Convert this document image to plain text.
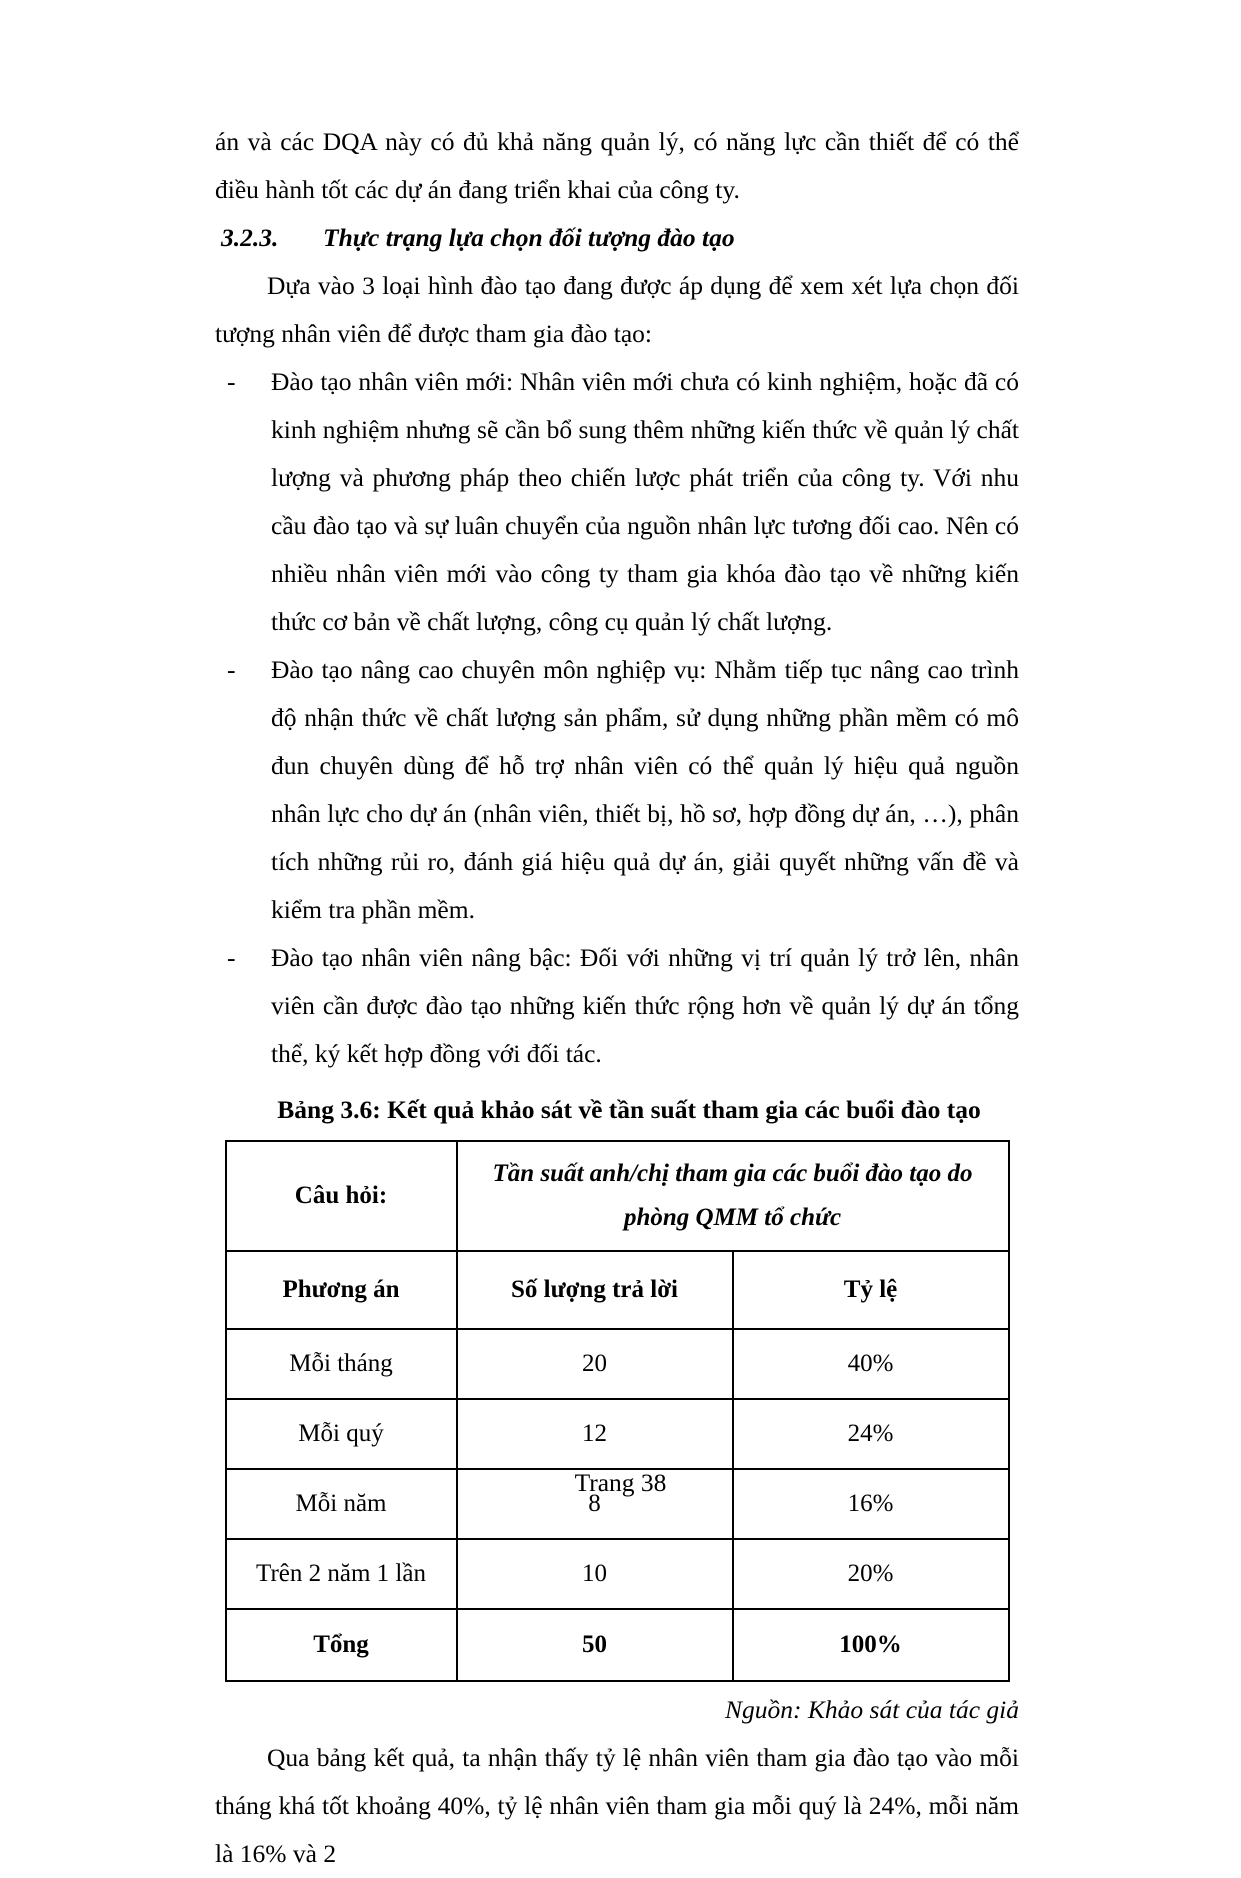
án và các DQA này có đủ khả năng quản lý, có năng lực cần thiết để có thể điều hành tốt các dự án đang triển khai của công ty.

3.2.3.	Thực trạng lựa chọn đối tượng đào tạo

Dựa vào 3 loại hình đào tạo đang được áp dụng để xem xét lựa chọn đối tượng nhân viên để được tham gia đào tạo:

-	Đào tạo nhân viên mới: Nhân viên mới chưa có kinh nghiệm, hoặc đã có kinh nghiệm nhưng sẽ cần bổ sung thêm những kiến thức về quản lý chất lượng và phương pháp theo chiến lược phát triển của công ty. Với nhu cầu đào tạo và sự luân chuyển của nguồn nhân lực tương đối cao. Nên có nhiều nhân viên mới vào công ty tham gia khóa đào tạo về những kiến thức cơ bản về chất lượng, công cụ quản lý chất lượng.
-	Đào tạo nâng cao chuyên môn nghiệp vụ: Nhằm tiếp tục nâng cao trình độ nhận thức về chất lượng sản phẩm, sử dụng những phần mềm có mô đun chuyên dùng để hỗ trợ nhân viên có thể quản lý hiệu quả nguồn nhân lực cho dự án (nhân viên, thiết bị, hồ sơ, hợp đồng dự án, …), phân tích những rủi ro, đánh giá hiệu quả dự án, giải quyết những vấn đề và kiểm tra phần mềm.
-	Đào tạo nhân viên nâng bậc: Đối với những vị trí quản lý trở lên, nhân viên cần được đào tạo những kiến thức rộng hơn về quản lý dự án tổng thể, ký kết hợp đồng với đối tác.
Bảng 3.6: Kết quả khảo sát về tần suất tham gia các buổi đào tạo
Câu hỏi:	Tần suất anh/chị tham gia các buổi đào tạo do phòng QMM tổ chức	
Phương án	Số lượng trả lời	Tỷ lệ
Mỗi tháng	20	40%
Mỗi quý	12	24%
Mỗi năm	8	16%
Trên 2 năm 1 lần	10	20%
Tổng	50	100%

Nguồn: Khảo sát của tác giả

Qua bảng kết quả, ta nhận thấy tỷ lệ nhân viên tham gia đào tạo vào mỗi tháng khá tốt khoảng 40%, tỷ lệ nhân viên tham gia mỗi quý là 24%, mỗi năm là 16% và 2

Trang 38
